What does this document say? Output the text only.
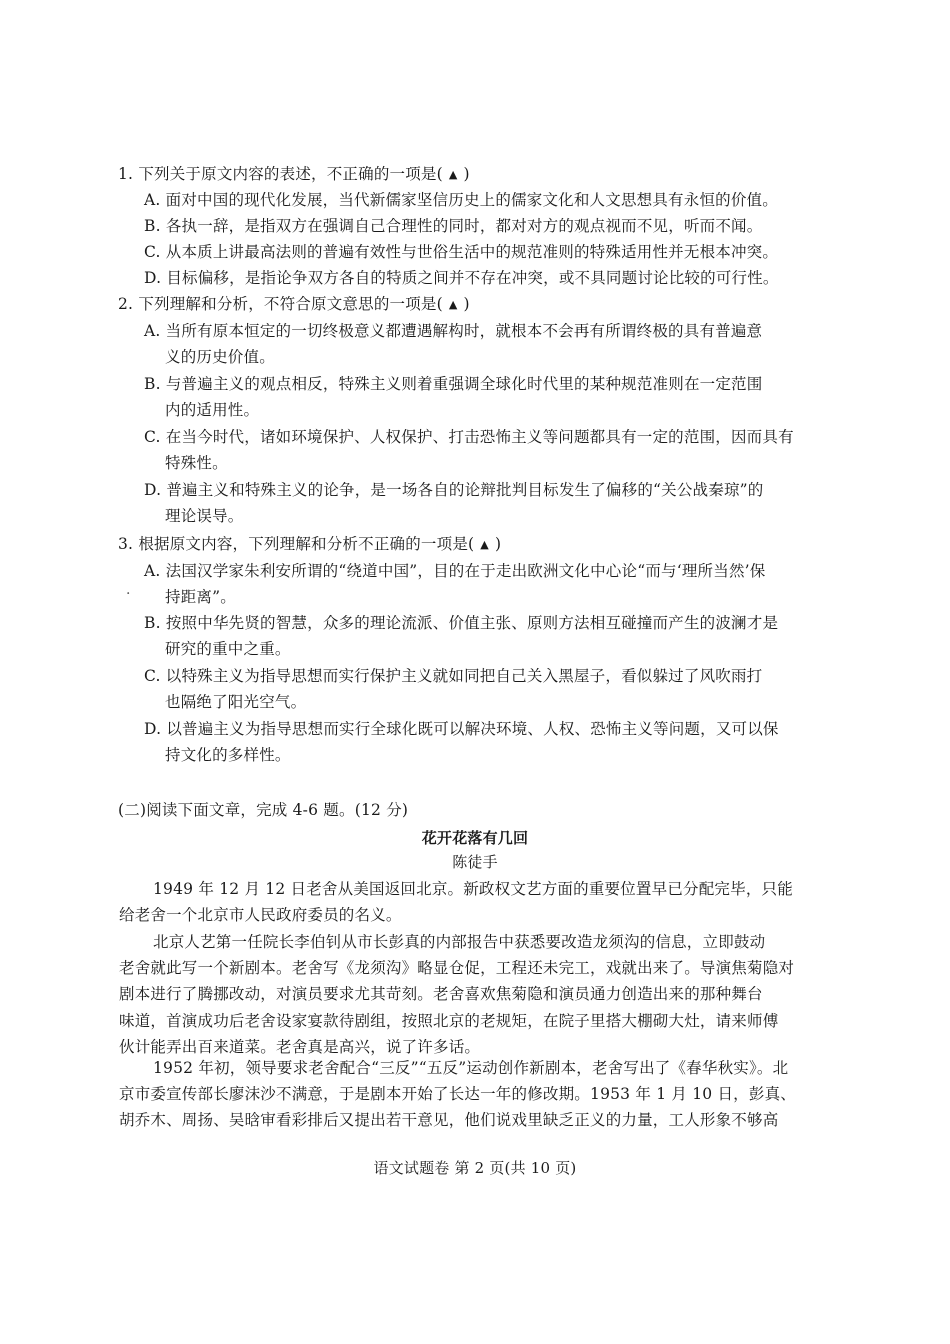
1. 下列关于原文内容的表述，不正确的一项是( ▲ )
A. 面对中国的现代化发展，当代新儒家坚信历史上的儒家文化和人文思想具有永恒的价值。
B. 各执一辞，是指双方在强调自己合理性的同时，都对对方的观点视而不见，听而不闻。
C. 从本质上讲最高法则的普遍有效性与世俗生活中的规范准则的特殊适用性并无根本冲突。
D. 目标偏移，是指论争双方各自的特质之间并不存在冲突，或不具同题讨论比较的可行性。
2. 下列理解和分析，不符合原文意思的一项是( ▲ )
A. 当所有原本恒定的一切终极意义都遭遇解构时，就根本不会再有所谓终极的具有普遍意
义的历史价值。
B. 与普遍主义的观点相反，特殊主义则着重强调全球化时代里的某种规范准则在一定范围
内的适用性。
C. 在当今时代，诸如环境保护、人权保护、打击恐怖主义等问题都具有一定的范围，因而具有
特殊性。
D. 普遍主义和特殊主义的论争，是一场各自的论辩批判目标发生了偏移的“关公战秦琼”的
理论误导。
3. 根据原文内容，下列理解和分析不正确的一项是( ▲ )
A. 法国汉学家朱利安所谓的“绕道中国”，目的在于走出欧洲文化中心论“而与‘理所当然’保
持距离”。
·
B. 按照中华先贤的智慧，众多的理论流派、价值主张、原则方法相互碰撞而产生的波澜才是
研究的重中之重。
C. 以特殊主义为指导思想而实行保护主义就如同把自己关入黑屋子，看似躲过了风吹雨打
也隔绝了阳光空气。
D. 以普遍主义为指导思想而实行全球化既可以解决环境、人权、恐怖主义等问题，又可以保
持文化的多样性。
(二)阅读下面文章，完成 4-6 题。(12 分)
花开花落有几回
陈徒手
1949 年 12 月 12 日老舍从美国返回北京。新政权文艺方面的重要位置早已分配完毕，只能
给老舍一个北京市人民政府委员的名义。
北京人艺第一任院长李伯钊从市长彭真的内部报告中获悉要改造龙须沟的信息，立即鼓动
老舍就此写一个新剧本。老舍写《龙须沟》略显仓促，工程还未完工，戏就出来了。导演焦菊隐对
剧本进行了腾挪改动，对演员要求尤其苛刻。老舍喜欢焦菊隐和演员通力创造出来的那种舞台
味道，首演成功后老舍设家宴款待剧组，按照北京的老规矩，在院子里搭大棚砌大灶，请来师傅
伙计能弄出百来道菜。老舍真是高兴，说了许多话。
1952 年初，领导要求老舍配合“三反”“五反”运动创作新剧本，老舍写出了《春华秋实》。北
京市委宣传部长廖沫沙不满意，于是剧本开始了长达一年的修改期。1953 年 1 月 10 日，彭真、
胡乔木、周扬、吴晗审看彩排后又提出若干意见，他们说戏里缺乏正义的力量，工人形象不够高
语文试题卷 第 2 页(共 10 页)
